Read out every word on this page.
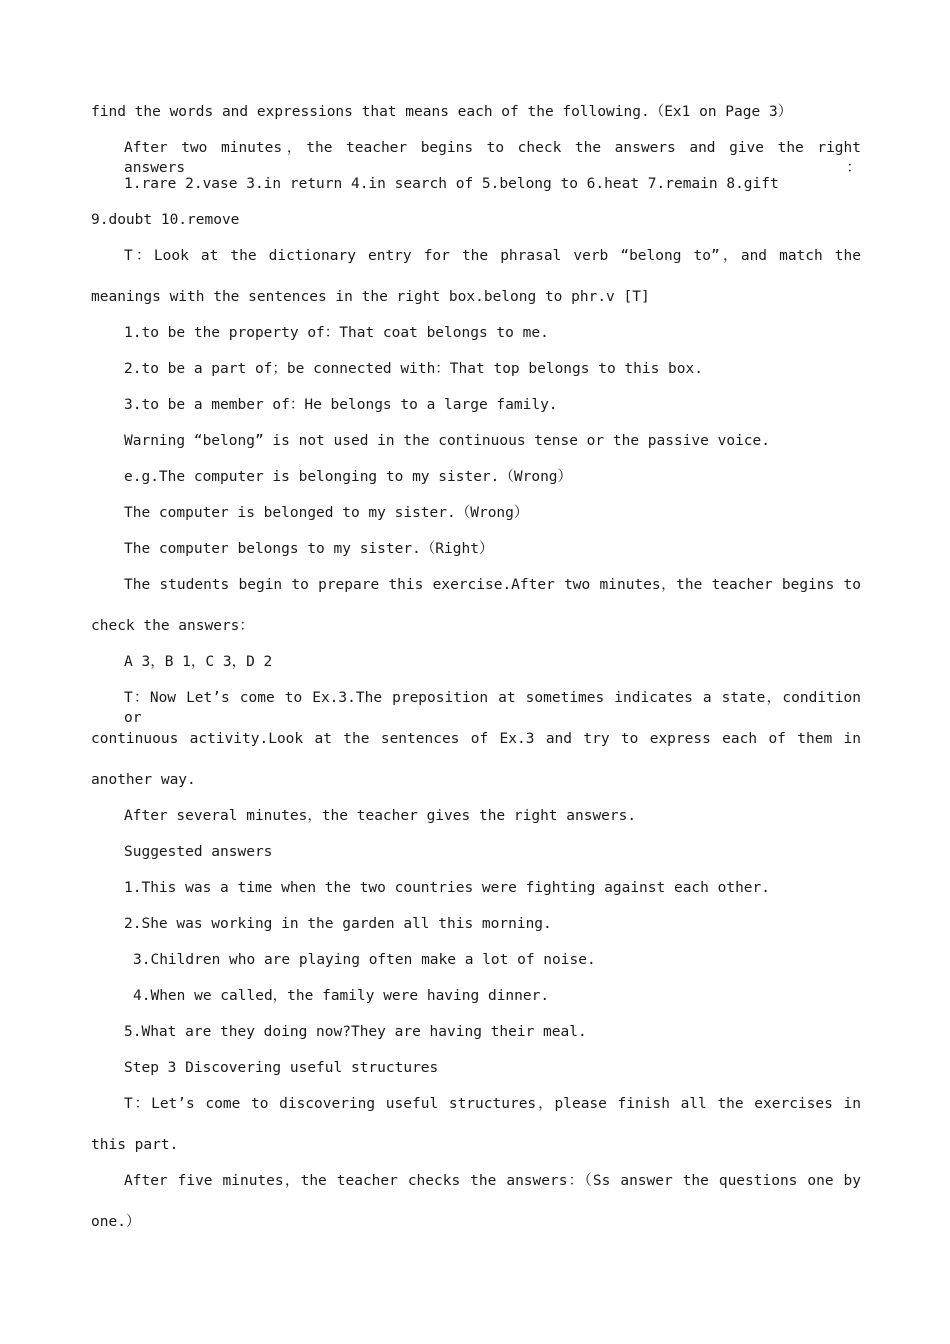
find the words and expressions that means each of the following.（Ex1 on Page 3）
After two minutes，the teacher begins to check the answers and give the right answers：
1.rare 2.vase 3.in return 4.in search of 5.belong to 6.heat 7.remain 8.gift
9.doubt 10.remove
T：Look at the dictionary entry for the phrasal verb “belong to”，and match the
meanings with the sentences in the right box.belong to phr.v [T]
1.to be the property of：That coat belongs to me.
2.to be a part of；be connected with：That top belongs to this box.
3.to be a member of：He belongs to a large family.
Warning “belong” is not used in the continuous tense or the passive voice.
e.g.The computer is belonging to my sister.（Wrong）
The computer is belonged to my sister.（Wrong）
The computer belongs to my sister.（Right）
The students begin to prepare this exercise.After two minutes，the teacher begins to
check the answers：
A 3，B 1，C 3，D 2
T：Now Let’s come to Ex.3.The preposition at sometimes indicates a state，condition or
continuous activity.Look at the sentences of Ex.3 and try to express each of them in
another way.
After several minutes，the teacher gives the right answers.
Suggested answers
1.This was a time when the two countries were fighting against each other.
2.She was working in the garden all this morning.
3.Children who are playing often make a lot of noise.
4.When we called，the family were having dinner.
5.What are they doing now?They are having their meal.
Step 3 Discovering useful structures
T：Let’s come to discovering useful structures，please finish all the exercises in
this part.
After five minutes，the teacher checks the answers：（Ss answer the questions one by
one.）
